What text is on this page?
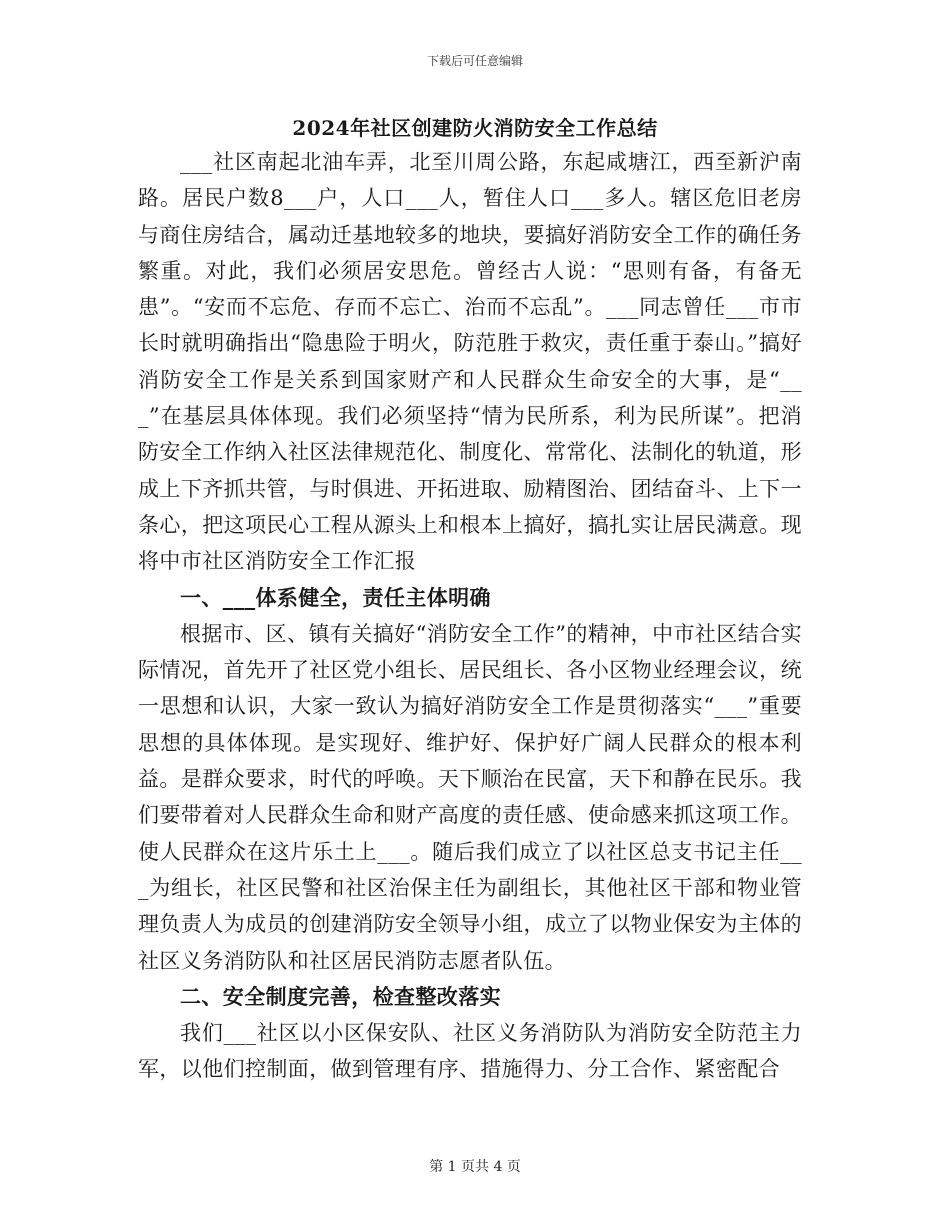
下载后可任意编辑
2024年社区创建防火消防安全工作总结

___社区南起北油车弄，北至川周公路，东起咸塘江，西至新沪南路。居民户数8___户，人口___人，暂住人口___多人。辖区危旧老房与商住房结合，属动迁基地较多的地块，要搞好消防安全工作的确任务繁重。对此，我们必须居安思危。曾经古人说：“思则有备，有备无患”。“安而不忘危、存而不忘亡、治而不忘乱”。___同志曾任___市市长时就明确指出“隐患险于明火，防范胜于救灾，责任重于泰山。”搞好消防安全工作是关系到国家财产和人民群众生命安全的大事，是“___”在基层具体体现。我们必须坚持“情为民所系，利为民所谋”。把消防安全工作纳入社区法律规范化、制度化、常常化、法制化的轨道，形成上下齐抓共管，与时俱进、开拓进取、励精图治、团结奋斗、上下一条心，把这项民心工程从源头上和根本上搞好，搞扎实让居民满意。现将中市社区消防安全工作汇报

一、___体系健全，责任主体明确

根据市、区、镇有关搞好“消防安全工作”的精神，中市社区结合实际情况，首先开了社区党小组长、居民组长、各小区物业经理会议，统一思想和认识，大家一致认为搞好消防安全工作是贯彻落实“___”重要思想的具体体现。是实现好、维护好、保护好广阔人民群众的根本利益。是群众要求，时代的呼唤。天下顺治在民富，天下和静在民乐。我们要带着对人民群众生命和财产高度的责任感、使命感来抓这项工作。使人民群众在这片乐土上___。随后我们成立了以社区总支书记主任___为组长，社区民警和社区治保主任为副组长，其他社区干部和物业管理负责人为成员的创建消防安全领导小组，成立了以物业保安为主体的社区义务消防队和社区居民消防志愿者队伍。

二、安全制度完善，检查整改落实

我们___社区以小区保安队、社区义务消防队为消防安全防范主力军，以他们控制面，做到管理有序、措施得力、分工合作、紧密配合

第 1 页共 4 页
